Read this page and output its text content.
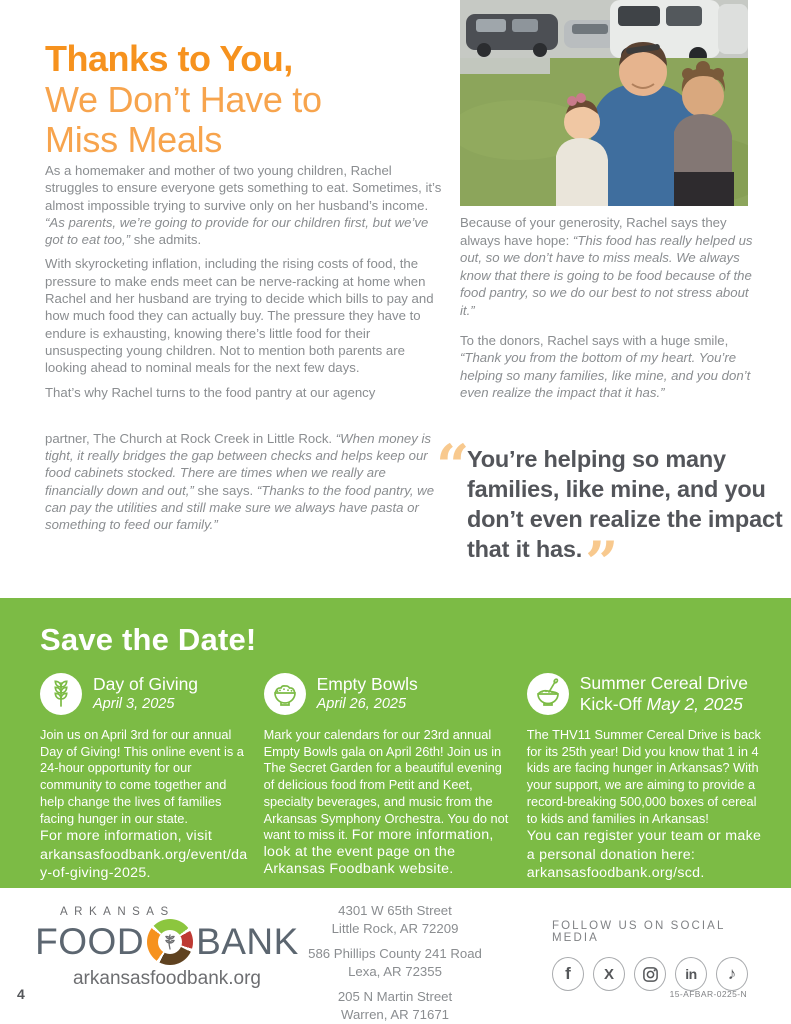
Thanks to You,
We Don’t Have to
Miss Meals

As a homemaker and mother of two young children, Rachel struggles to ensure everyone gets something to eat. Sometimes, it’s almost impossible trying to survive only on her husband’s income. “As parents, we’re going to provide for our children first, but we’ve got to eat too,” she admits.

With skyrocketing inflation, including the rising costs of food, the pressure to make ends meet can be nerve-racking at home when Rachel and her husband are trying to decide which bills to pay and how much food they can actually buy. The pressure they have to endure is exhausting, knowing there’s little food for their unsuspecting young children. Not to mention both parents are looking ahead to nominal meals for the next few days.

That’s why Rachel turns to the food pantry at our agency

partner, The Church at Rock Creek in Little Rock. “When money is tight, it really bridges the gap between checks and helps keep our food cabinets stocked. There are times when we really are financially down and out,” she says. “Thanks to the food pantry, we can pay the utilities and still make sure we always have pasta or something to feed our family.”

Because of your generosity, Rachel says they always have hope: “This food has really helped us out, so we don’t have to miss meals. We always know that there is going to be food because of the food pantry, so we do our best to not stress about it.”

To the donors, Rachel says with a huge smile, “Thank you from the bottom of my heart. You’re helping so many families, like mine, and you don’t even realize the impact that it has.”

“
You’re helping so many families, like mine, and you don’t even realize the impact that it has.”
Save the Date!
Day of Giving
April 3, 2025

Join us on April 3rd for our annual Day of Giving! This online event is a 24-hour opportunity for our community to come together and help change the lives of families facing hunger in our state.

For more information, visit arkansasfoodbank.org/event/day-of-giving-2025.

Empty Bowls
April 26, 2025

Mark your calendars for our 23rd annual Empty Bowls gala on April 26th! Join us in The Secret Garden for a beautiful evening of delicious food from Petit and Keet, specialty beverages, and music from the Arkansas Symphony Orchestra. You do not want to miss it. For more information, look at the event page on the Arkansas Foodbank website.

Summer Cereal Drive
Kick-Off May 2, 2025

The THV11 Summer Cereal Drive is back for its 25th year! Did you know that 1 in 4 kids are facing hunger in Arkansas? With your support, we are aiming to provide a record-breaking 500,000 boxes of cereal to kids and families in Arkansas!

You can register your team or make a personal donation here: arkansasfoodbank.org/scd.

4
ARKANSAS
FOOD BANK
arkansasfoodbank.org
4301 W 65th Street
Little Rock, AR 72209
586 Phillips County 241 Road
Lexa, AR 72355
205 N Martin Street
Warren, AR 71671
FOLLOW US ON SOCIAL MEDIA
f X	in ♪
15-AFBAR-0225-N
